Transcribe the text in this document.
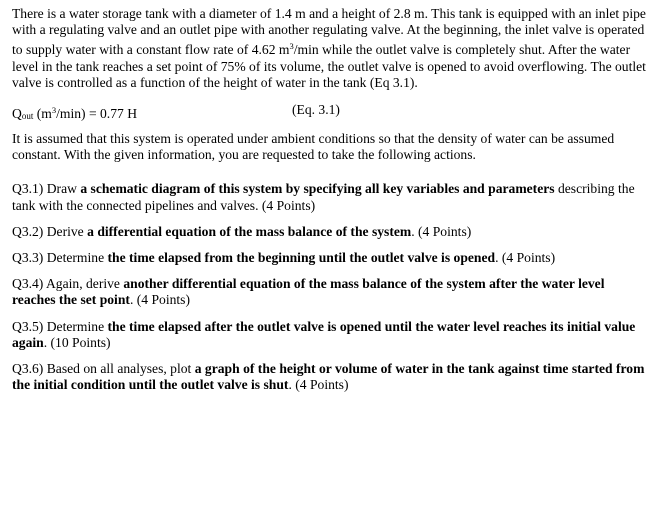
There is a water storage tank with a diameter of 1.4 m and a height of 2.8 m. This tank is equipped with an inlet pipe with a regulating valve and an outlet pipe with another regulating valve. At the beginning, the inlet valve is operated to supply water with a constant flow rate of 4.62 $m^3/\min$ while the outlet valve is completely shut. After the water level in the tank reaches a set point of 75% of its volume, the outlet valve is opened to avoid overflowing. The outlet valve is controlled as a function of the height of water in the tank (Eq 3.1).

Qout $(m^3/\min) = 0.77$ H	(Eq. 3.1)

It is assumed that this system is operated under ambient conditions so that the density of water can be assumed constant. With the given information, you are requested to take the following actions.

Q3.1) Draw a schematic diagram of this system by specifying all key variables and parameters describing the tank with the connected pipelines and valves. (4 Points)

Q3.2) Derive a differential equation of the mass balance of the system. (4 Points)

Q3.3) Determine the time elapsed from the beginning until the outlet valve is opened. (4 Points)

Q3.4) Again, derive another differential equation of the mass balance of the system after the water level reaches the set point. (4 Points)

Q3.5) Determine the time elapsed after the outlet valve is opened until the water level reaches its initial value again. (10 Points)

Q3.6) Based on all analyses, plot a graph of the height or volume of water in the tank against time started from the initial condition until the outlet valve is shut. (4 Points)
